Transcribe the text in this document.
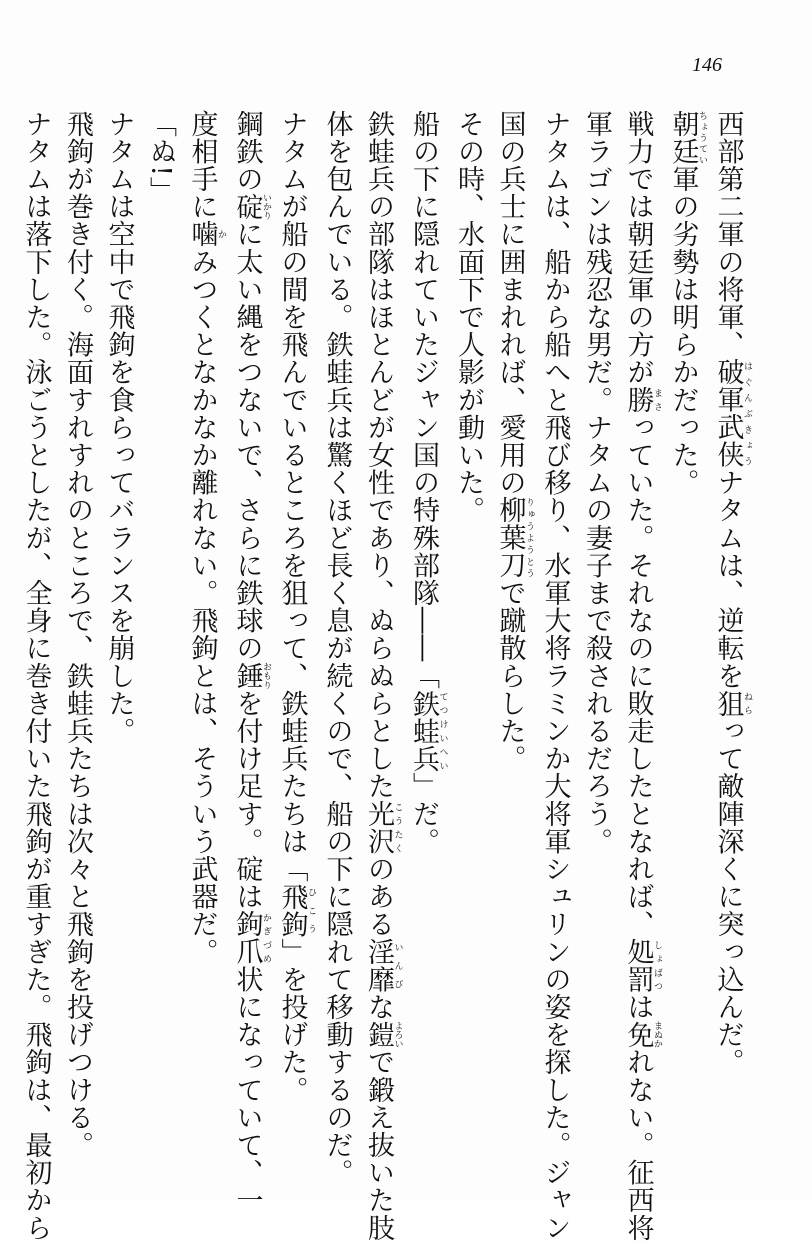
146
西部第二軍の将軍、破軍武侠はぐんぶきょうナタムは、逆転を狙ねらって敵陣深くに突っ込んだ。
朝廷ちょうてい軍の劣勢は明らかだった。
戦力では朝廷軍の方が勝まさっていた。それなのに敗走したとなれば、処罰しょばつは免まぬかれない。征西将
軍ラゴンは残忍な男だ。ナタムの妻子まで殺されるだろう。
ナタムは、船から船へと飛び移り、水軍大将ラミンか大将軍シュリンの姿を探した。ジャン
国の兵士に囲まれれば、愛用の柳葉刀りゅうようとうで蹴散らした。
その時、水面下で人影が動いた。
船の下に隠れていたジャン国の特殊部隊――「鉄蛙兵てつけいへい」だ。
鉄蛙兵の部隊はほとんどが女性であり、ぬらぬらとした光沢こうたくのある淫靡いんびな鎧よろいで鍛え抜いた肢
体を包んでいる。鉄蛙兵は驚くほど長く息が続くので、船の下に隠れて移動するのだ。
ナタムが船の間を飛んでいるところを狙って、鉄蛙兵たちは「飛鉤ひこう」を投げた。
鋼鉄の碇いかりに太い縄をつないで、さらに鉄球の錘おもりを付け足す。碇は鉤爪かぎづめ状になっていて、一
度相手に噛かみつくとなかなか離れない。飛鉤とは、そういう武器だ。
「ぬ!」
ナタムは空中で飛鉤を食らってバランスを崩した。
飛鉤が巻き付く。海面すれすれのところで、鉄蛙兵たちは次々と飛鉤を投げつける。
ナタムは落下した。泳ごうとしたが、全身に巻き付いた飛鉤が重すぎた。飛鉤は、最初から
